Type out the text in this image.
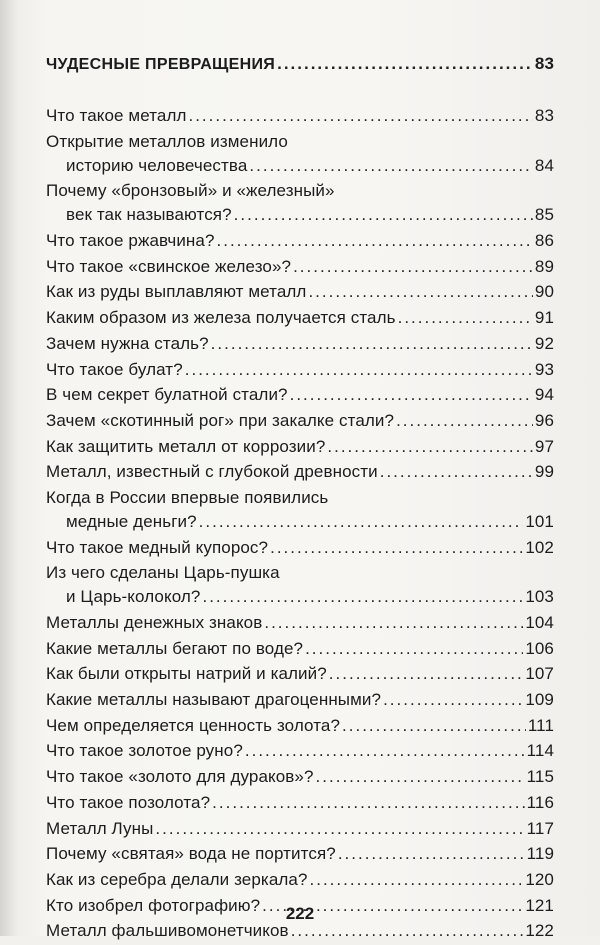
ЧУДЕСНЫЕ ПРЕВРАЩЕНИЯ .....	83
Что такое металл .....	83
Открытие металлов изменило
историю человечества .....	84
Почему «бронзовый» и «железный»
век так называются? .....	85
Что такое ржавчина? .....	86
Что такое «свинское железо»? .....	89
Как из руды выплавляют металл .....	90
Каким образом из железа получается сталь .....	91
Зачем нужна сталь? .....	92
Что такое булат? .....	93
В чем секрет булатной стали? .....	94
Зачем «скотинный рог» при закалке стали? .....	96
Как защитить металл от коррозии? .....	97
Металл, известный с глубокой древности .....	99
Когда в России впервые появились
медные деньги? .....	101
Что такое медный купорос? .....	102
Из чего сделаны Царь-пушка
и Царь-колокол? .....	103
Металлы денежных знаков .....	104
Какие металлы бегают по воде? .....	106
Как были открыты натрий и калий? .....	107
Какие металлы называют драгоценными? .....	109
Чем определяется ценность золота? .....	111
Что такое золотое руно? .....	114
Что такое «золото для дураков»? .....	115
Что такое позолота? .....	116
Металл Луны .....	117
Почему «святая» вода не портится? .....	119
Как из серебра делали зеркала? .....	120
Кто изобрел фотографию? .....	121
Металл фальшивомонетчиков .....	122
222
